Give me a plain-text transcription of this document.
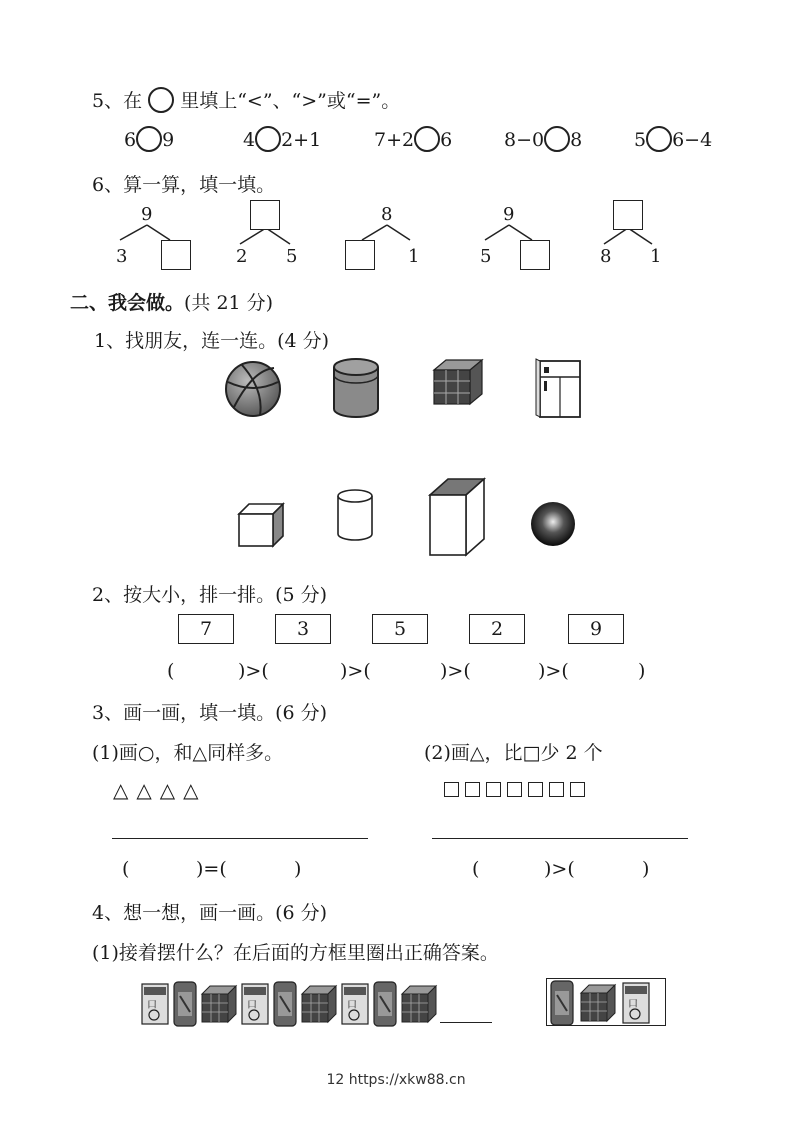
5、在 里填上“<”、“>”或“=”。
6 9	4 2+1	7+2 6	8−0 8	5 6−4
6、算一算，填一填。
9
3	2 5
8
1
9
5	8 1
二、我会做。(共 21 分)
1、找朋友，连一连。(4 分)
2、按大小，排一排。(5 分)
7	3	5	2	9
(	)>(	)>(	)>(	)>(	)
3、画一画，填一填。(6 分)
(1)画○，和△同样多。	(2)画△，比□少 2 个
△ △ △ △
(	)=(	)	(	)>(	)
4、想一想，画一画。(6 分)
(1)接着摆什么？在后面的方框里圈出正确答案。
口	口	口	口
12 https://xkw88.cn
